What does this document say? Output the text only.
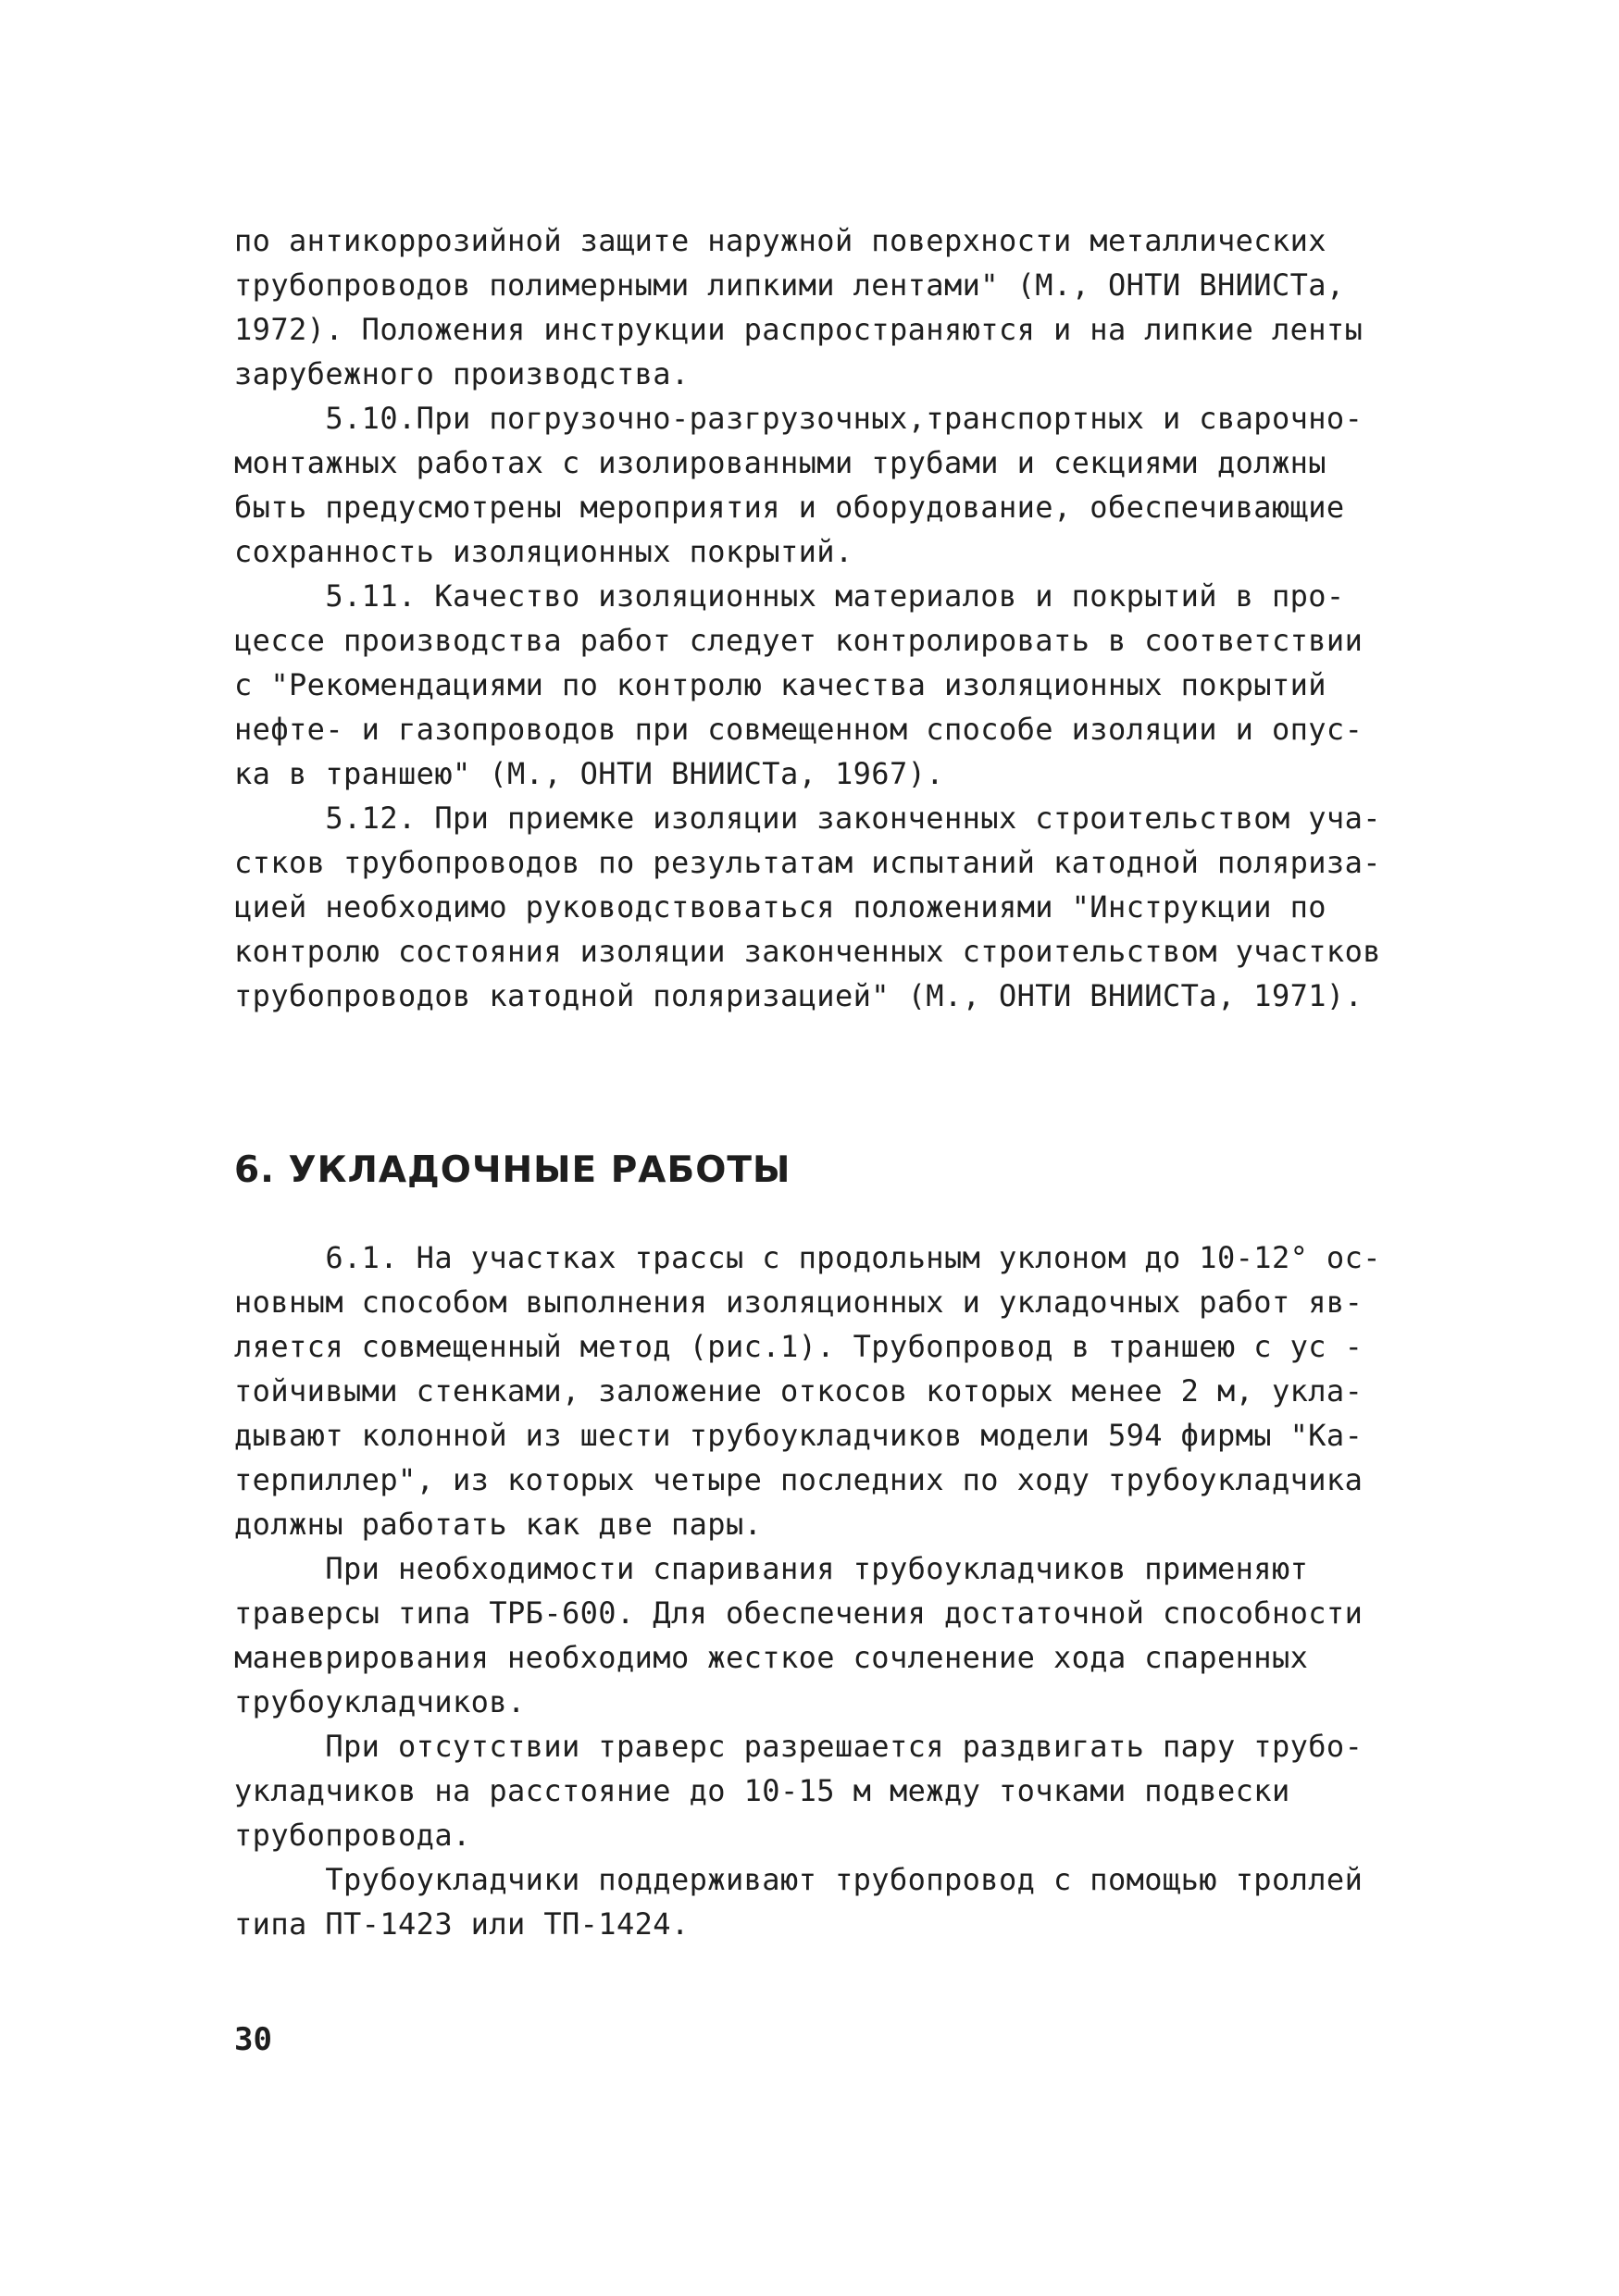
по антикоррозийной защите наружной поверхности металлических

трубопроводов полимерными липкими лентами" (М., ОНТИ ВНИИСТа,

1972). Положения инструкции распространяются и на липкие ленты

зарубежного производства.

5.10.При погрузочно-разгрузочных,транспортных и сварочно-

монтажных работах с изолированными трубами и секциями должны

быть предусмотрены мероприятия и оборудование, обеспечивающие

сохранность изоляционных покрытий.

5.11. Качество изоляционных материалов и покрытий в про-

цессе производства работ следует контролировать в соответствии

с "Рекомендациями по контролю качества изоляционных покрытий

нефте- и газопроводов при совмещенном способе изоляции и опус-

ка в траншею" (М., ОНТИ ВНИИСТа, 1967).

5.12. При приемке изоляции законченных строительством уча-

стков трубопроводов по результатам испытаний катодной поляриза-

цией необходимо руководствоваться положениями "Инструкции по

контролю состояния изоляции законченных строительством участков

трубопроводов катодной поляризацией" (М., ОНТИ ВНИИСТа, 1971).

6. УКЛАДОЧНЫЕ РАБОТЫ

6.1. На участках трассы с продольным уклоном до 10-12° ос-

новным способом выполнения изоляционных и укладочных работ яв-

ляется совмещенный метод (рис.1). Трубопровод в траншею с ус -

тойчивыми стенками, заложение откосов которых менее 2 м, укла-

дывают колонной из шести трубоукладчиков модели 594 фирмы "Ка-

терпиллер", из которых четыре последних по ходу трубоукладчика

должны работать как две пары.

При необходимости спаривания трубоукладчиков применяют

траверсы типа ТРБ-600. Для обеспечения достаточной способности

маневрирования необходимо жесткое сочленение хода спаренных

трубоукладчиков.

При отсутствии траверс разрешается раздвигать пару трубо-

укладчиков на расстояние до 10-15 м между точками подвески

трубопровода.

Трубоукладчики поддерживают трубопровод с помощью троллей

типа ПТ-1423 или ТП-1424.

30
